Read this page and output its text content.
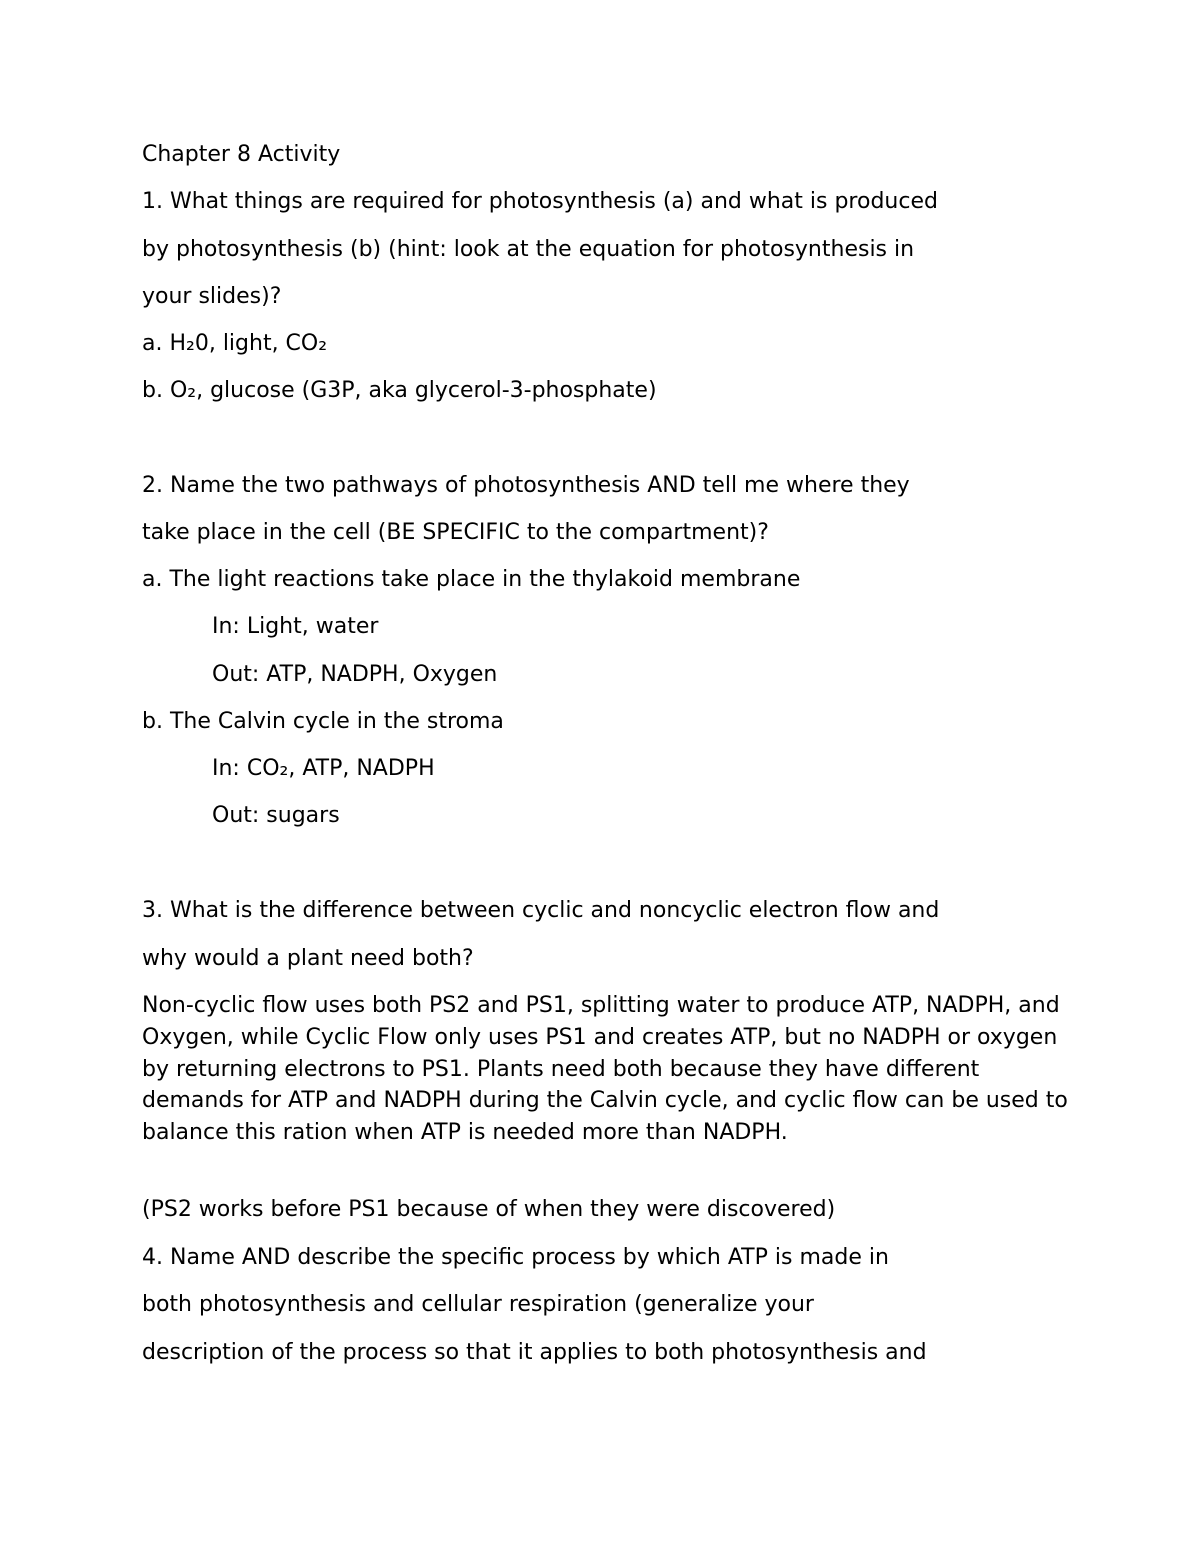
Chapter 8 Activity

1. What things are required for photosynthesis (a) and what is produced

by photosynthesis (b) (hint: look at the equation for photosynthesis in

your slides)?

a. H₂0, light, CO₂

b. O₂, glucose (G3P, aka glycerol-3-phosphate)

2. Name the two pathways of photosynthesis AND tell me where they

take place in the cell (BE SPECIFIC to the compartment)?

a. The light reactions take place in the thylakoid membrane

In: Light, water

Out: ATP, NADPH, Oxygen

b. The Calvin cycle in the stroma

In: CO₂, ATP, NADPH

Out: sugars

3. What is the difference between cyclic and noncyclic electron flow and

why would a plant need both?

Non-cyclic flow uses both PS2 and PS1, splitting water to produce ATP, NADPH, and Oxygen, while Cyclic Flow only uses PS1 and creates ATP, but no NADPH or oxygen by returning electrons to PS1. Plants need both because they have different demands for ATP and NADPH during the Calvin cycle, and cyclic flow can be used to balance this ration when ATP is needed more than NADPH.

(PS2 works before PS1 because of when they were discovered)

4. Name AND describe the specific process by which ATP is made in

both photosynthesis and cellular respiration (generalize your

description of the process so that it applies to both photosynthesis and
